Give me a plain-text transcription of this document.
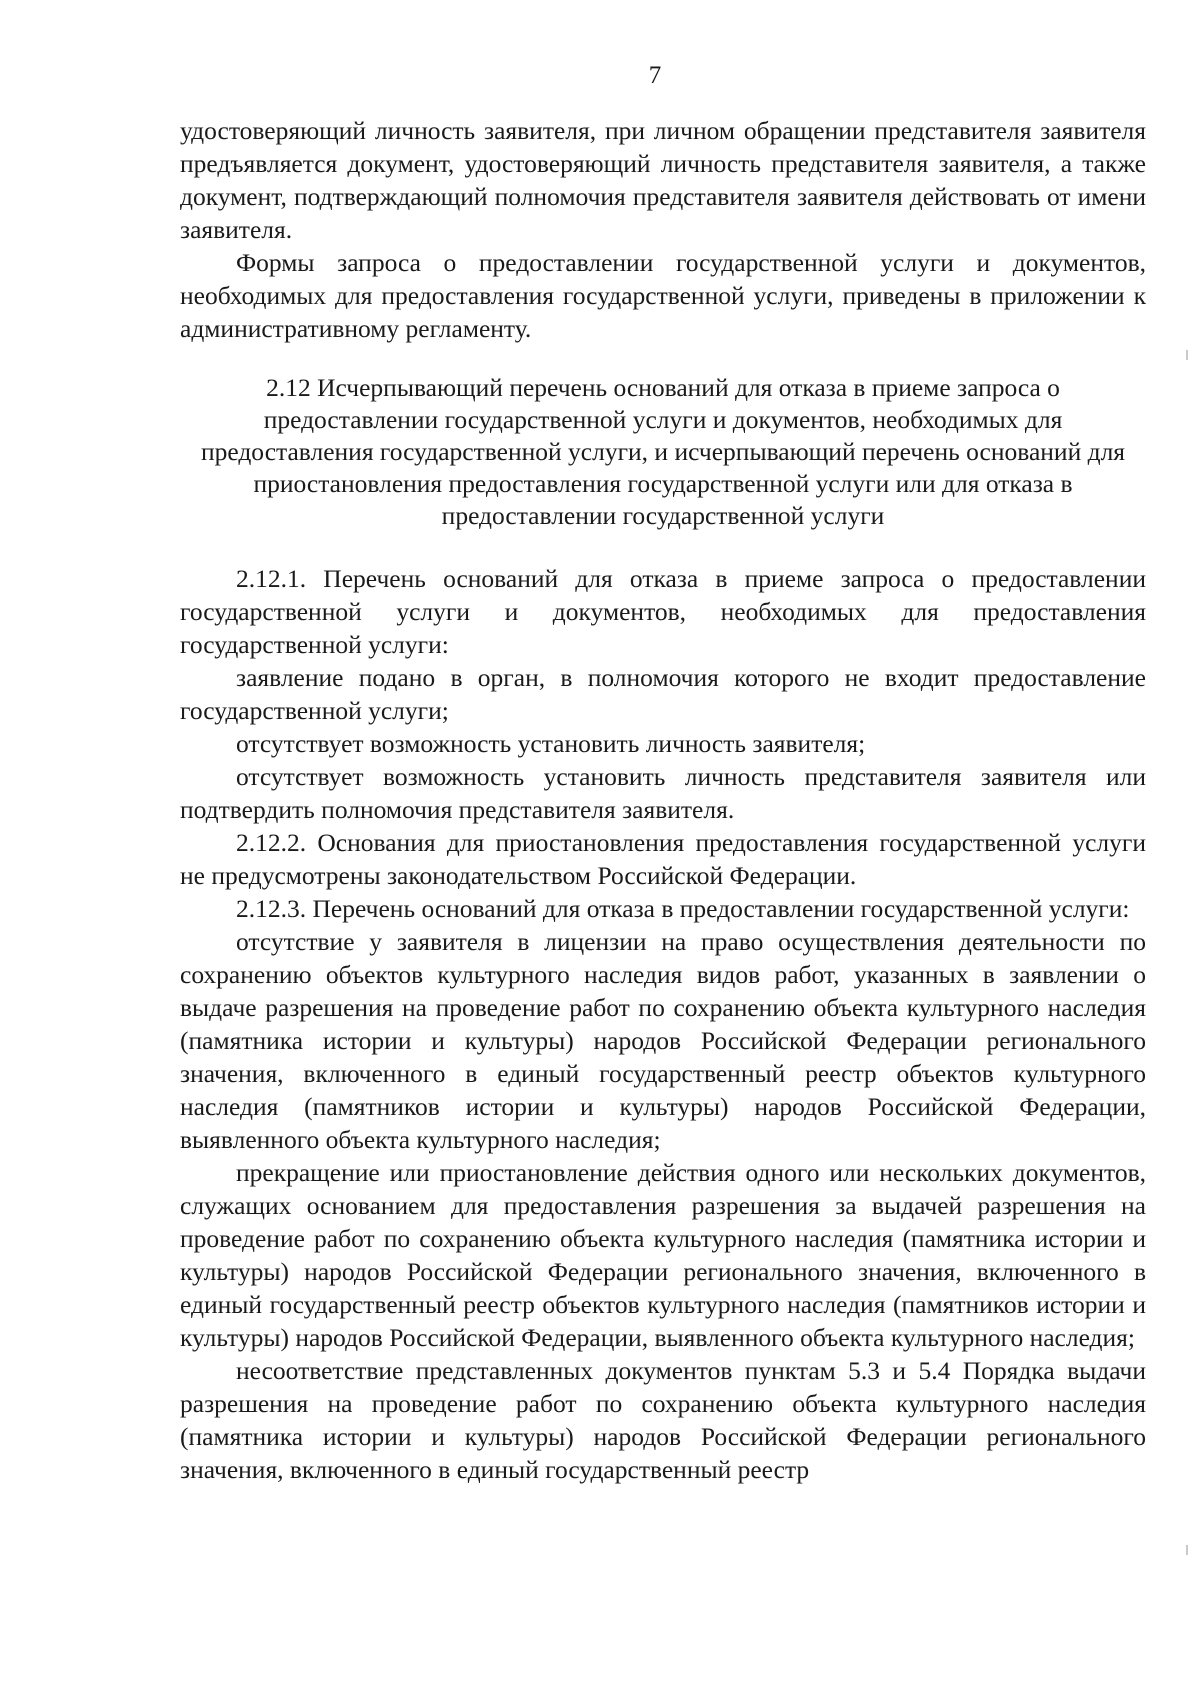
7

удостоверяющий личность заявителя, при личном обращении представителя заявителя предъявляется документ, удостоверяющий личность представителя заявителя, а также документ, подтверждающий полномочия представителя заявителя действовать от имени заявителя.

Формы запроса о предоставлении государственной услуги и документов, необходимых для предоставления государственной услуги, приведены в приложении к административному регламенту.

2.12 Исчерпывающий перечень оснований для отказа в приеме запроса о предоставлении государственной услуги и документов, необходимых для предоставления государственной услуги, и исчерпывающий перечень оснований для приостановления предоставления государственной услуги или для отказа в предоставлении государственной услуги

2.12.1. Перечень оснований для отказа в приеме запроса о предоставлении государственной услуги и документов, необходимых для предоставления государственной услуги:

заявление подано в орган, в полномочия которого не входит предоставление государственной услуги;

отсутствует возможность установить личность заявителя;

отсутствует возможность установить личность представителя заявителя или подтвердить полномочия представителя заявителя.

2.12.2. Основания для приостановления предоставления государственной услуги не предусмотрены законодательством Российской Федерации.

2.12.3. Перечень оснований для отказа в предоставлении государственной услуги:

отсутствие у заявителя в лицензии на право осуществления деятельности по сохранению объектов культурного наследия видов работ, указанных в заявлении о выдаче разрешения на проведение работ по сохранению объекта культурного наследия (памятника истории и культуры) народов Российской Федерации регионального значения, включенного в единый государственный реестр объектов культурного наследия (памятников истории и культуры) народов Российской Федерации, выявленного объекта культурного наследия;

прекращение или приостановление действия одного или нескольких документов, служащих основанием для предоставления разрешения за выдачей разрешения на проведение работ по сохранению объекта культурного наследия (памятника истории и культуры) народов Российской Федерации регионального значения, включенного в единый государственный реестр объектов культурного наследия (памятников истории и культуры) народов Российской Федерации, выявленного объекта культурного наследия;

несоответствие представленных документов пунктам 5.3 и 5.4 Порядка выдачи разрешения на проведение работ по сохранению объекта культурного наследия (памятника истории и культуры) народов Российской Федерации регионального значения, включенного в единый государственный реестр
